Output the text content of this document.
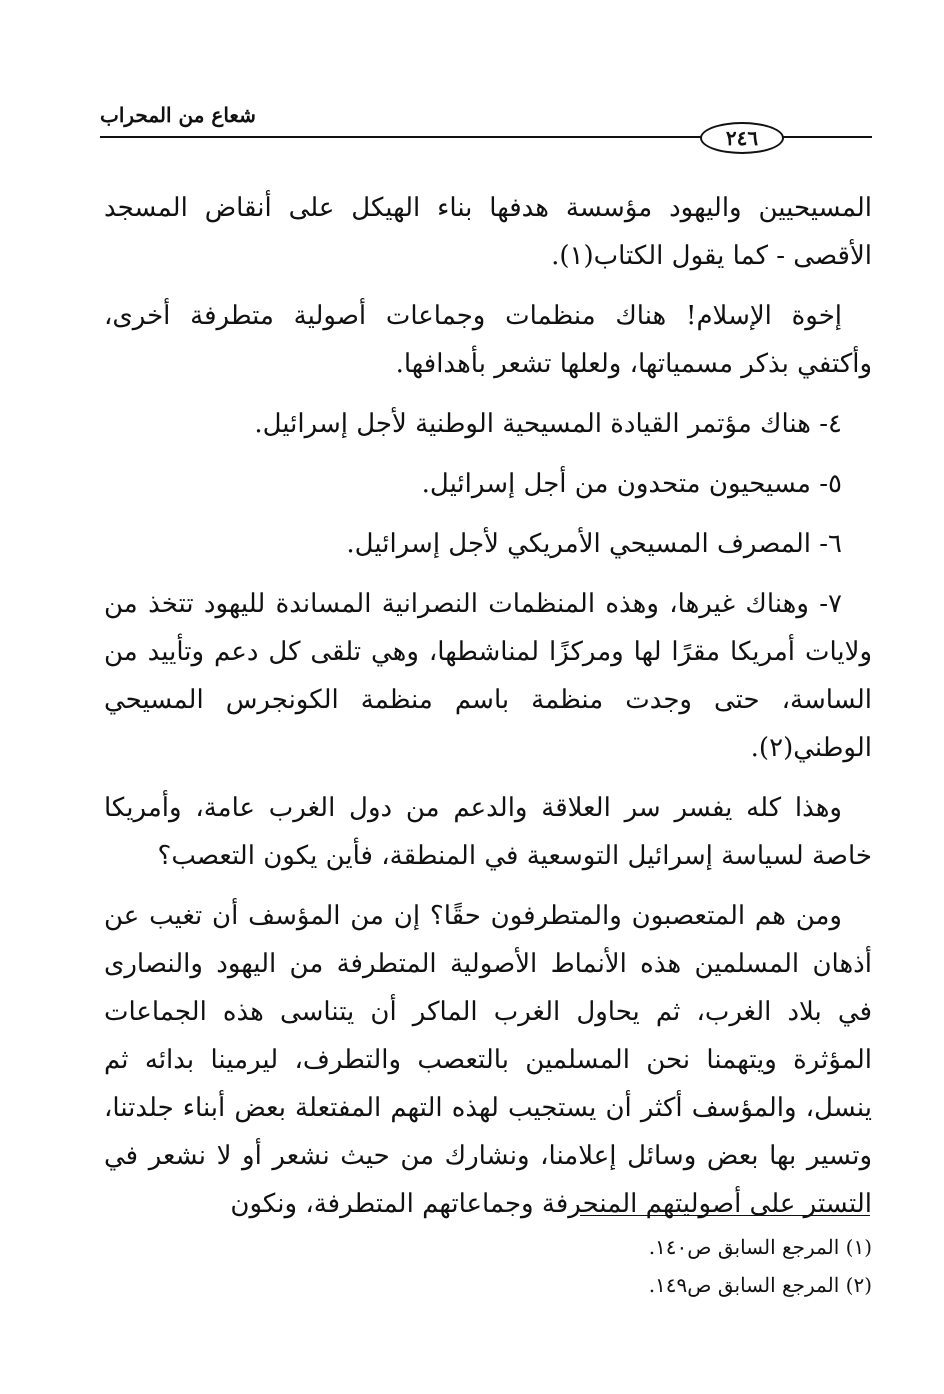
شعاع من المحراب
٢٤٦

المسيحيين واليهود مؤسسة هدفها بناء الهيكل على أنقاض المسجد الأقصى - كما يقول الكتاب(١).

إخوة الإسلام! هناك منظمات وجماعات أصولية متطرفة أخرى، وأكتفي بذكر مسمياتها، ولعلها تشعر بأهدافها.

٤- هناك مؤتمر القيادة المسيحية الوطنية لأجل إسرائيل.

٥- مسيحيون متحدون من أجل إسرائيل.

٦- المصرف المسيحي الأمريكي لأجل إسرائيل.

٧- وهناك غيرها، وهذه المنظمات النصرانية المساندة لليهود تتخذ من ولايات أمريكا مقرًا لها ومركزًا لمناشطها، وهي تلقى كل دعم وتأييد من الساسة، حتى وجدت منظمة باسم منظمة الكونجرس المسيحي الوطني(٢).

وهذا كله يفسر سر العلاقة والدعم من دول الغرب عامة، وأمريكا خاصة لسياسة إسرائيل التوسعية في المنطقة، فأين يكون التعصب؟

ومن هم المتعصبون والمتطرفون حقًا؟ إن من المؤسف أن تغيب عن أذهان المسلمين هذه الأنماط الأصولية المتطرفة من اليهود والنصارى في بلاد الغرب، ثم يحاول الغرب الماكر أن يتناسى هذه الجماعات المؤثرة ويتهمنا نحن المسلمين بالتعصب والتطرف، ليرمينا بدائه ثم ينسل، والمؤسف أكثر أن يستجيب لهذه التهم المفتعلة بعض أبناء جلدتنا، وتسير بها بعض وسائل إعلامنا، ونشارك من حيث نشعر أو لا نشعر في التستر على أصوليتهم المنحرفة وجماعاتهم المتطرفة، ونكون

(١) المرجع السابق ص١٤٠.

(٢) المرجع السابق ص١٤٩.
